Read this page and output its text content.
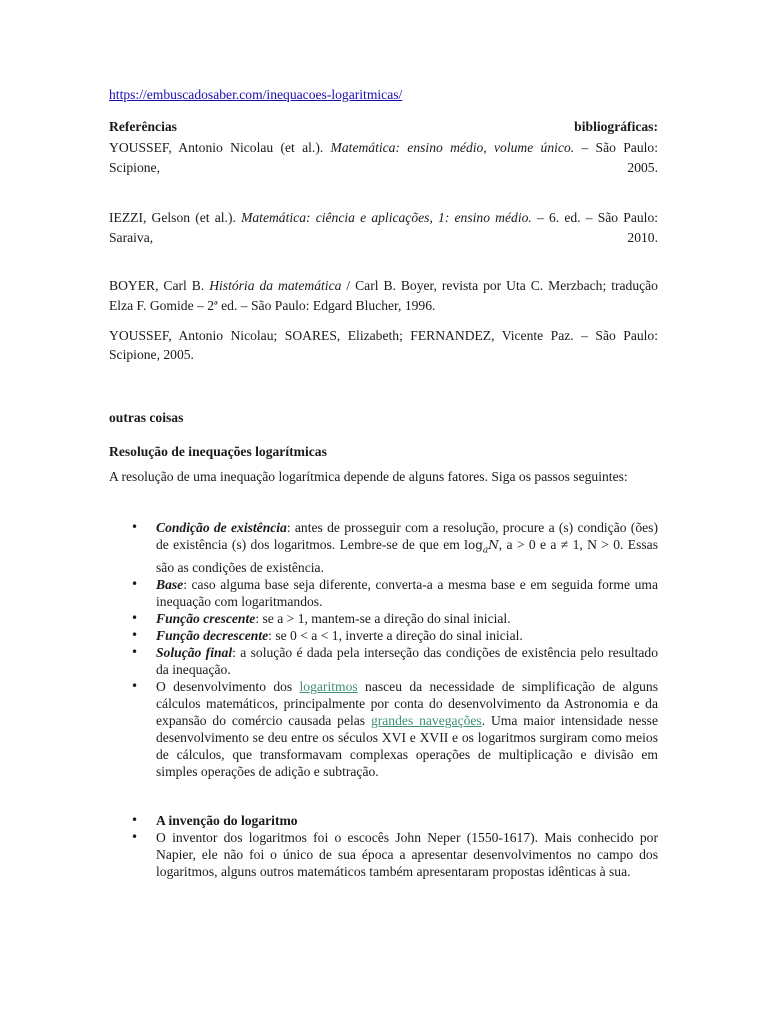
https://embuscadosaber.com/inequacoes-logaritmicas/
Referências	bibliográficas:
YOUSSEF, Antonio Nicolau (et al.). Matemática: ensino médio, volume único. – São Paulo: Scipione, 2005.
IEZZI, Gelson (et al.). Matemática: ciência e aplicações, 1: ensino médio. – 6. ed. – São Paulo: Saraiva, 2010.
BOYER, Carl B. História da matemática / Carl B. Boyer, revista por Uta C. Merzbach; tradução Elza F. Gomide – 2ª ed. – São Paulo: Edgard Blucher, 1996.
YOUSSEF, Antonio Nicolau; SOARES, Elizabeth; FERNANDEZ, Vicente Paz. – São Paulo: Scipione, 2005.
outras coisas
Resolução de inequações logarítmicas
A resolução de uma inequação logarítmica depende de alguns fatores. Siga os passos seguintes:
• Condição de existência: antes de prosseguir com a resolução, procure a (s) condição (ões) de existência (s) dos logaritmos. Lembre-se de que em $\log_aN$, a > 0 e a ≠ 1, N > 0. Essas são as condições de existência.
• Base: caso alguma base seja diferente, converta-a a mesma base e em seguida forme uma inequação com logaritmandos.
• Função crescente: se a > 1, mantem-se a direção do sinal inicial.
• Função decrescente: se 0 < a < 1, inverte a direção do sinal inicial.
• Solução final: a solução é dada pela interseção das condições de existência pelo resultado da inequação.
• O desenvolvimento dos logaritmos nasceu da necessidade de simplificação de alguns cálculos matemáticos, principalmente por conta do desenvolvimento da Astronomia e da expansão do comércio causada pelas grandes navegações. Uma maior intensidade nesse desenvolvimento se deu entre os séculos XVI e XVII e os logaritmos surgiram como meios de cálculos, que transformavam complexas operações de multiplicação e divisão em simples operações de adição e subtração.
• A invenção do logaritmo
• O inventor dos logaritmos foi o escocês John Neper (1550-1617). Mais conhecido por Napier, ele não foi o único de sua época a apresentar desenvolvimentos no campo dos logaritmos, alguns outros matemáticos também apresentaram propostas idênticas à sua.
